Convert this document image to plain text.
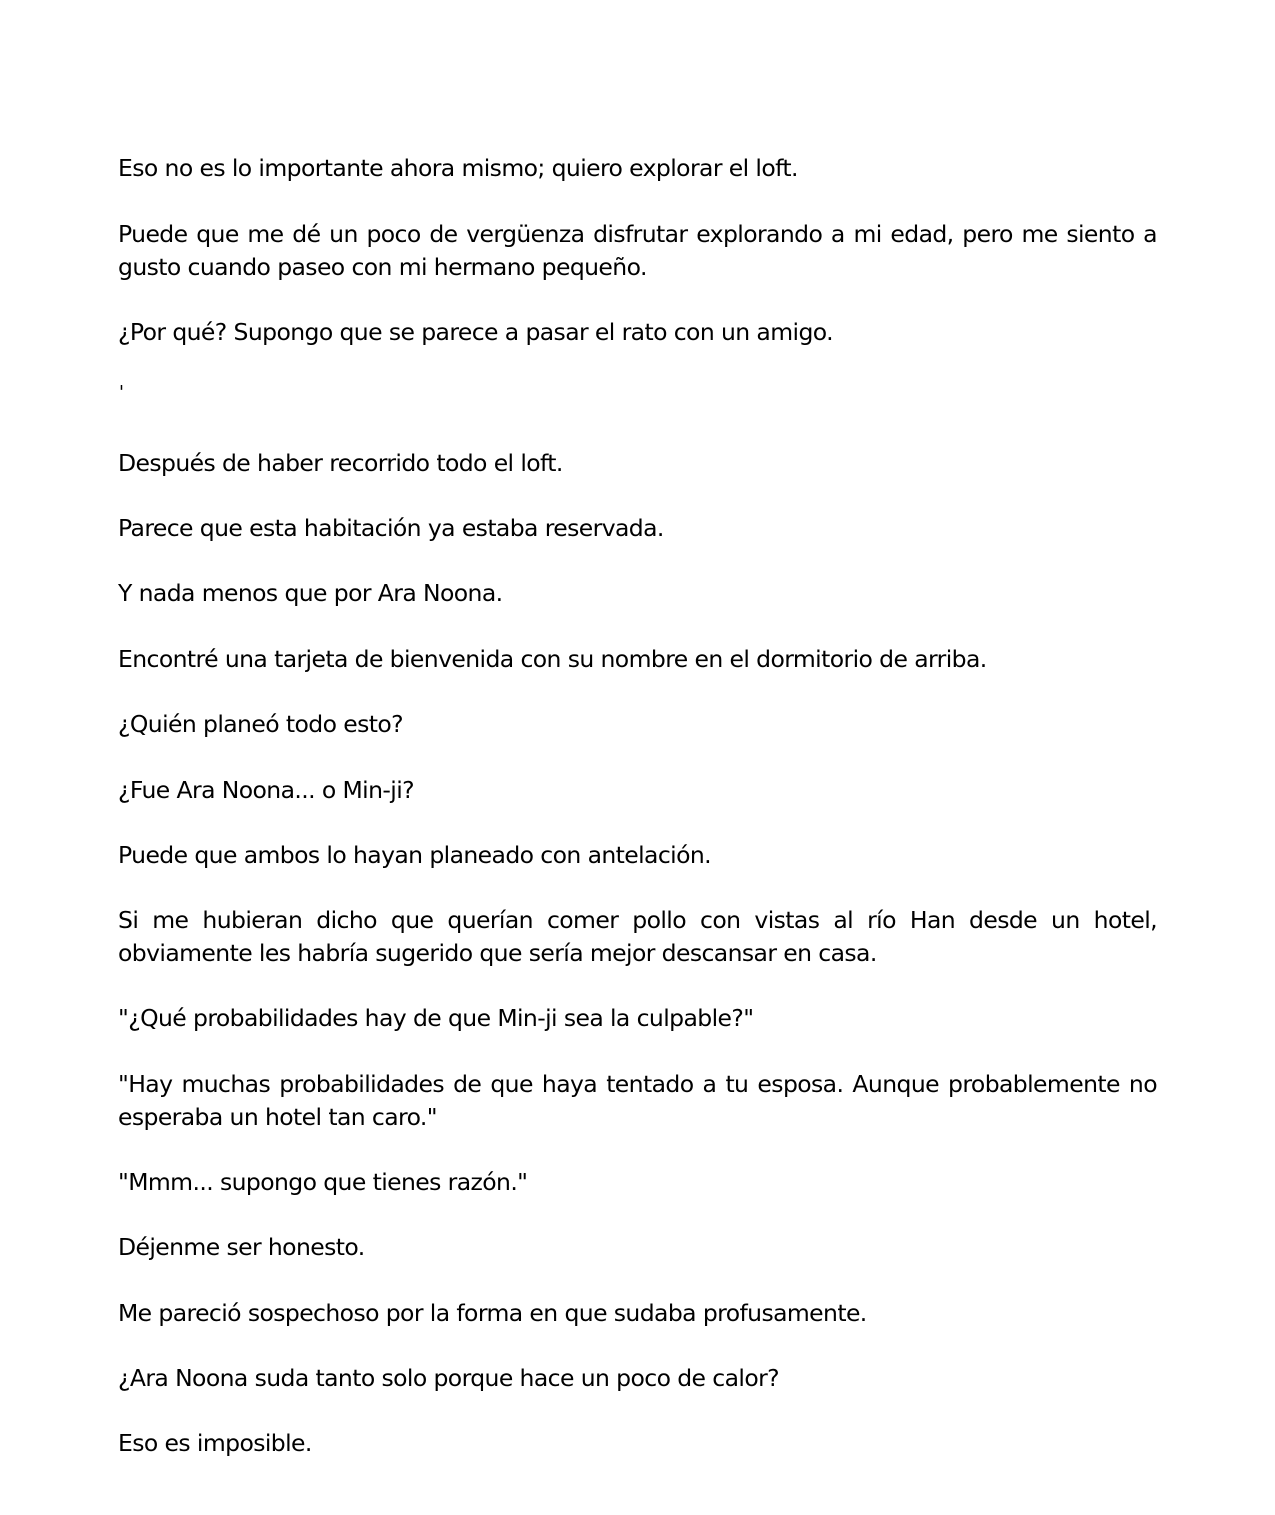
Eso no es lo importante ahora mismo; quiero explorar el loft.

Puede que me dé un poco de vergüenza disfrutar explorando a mi edad, pero me siento a gusto cuando paseo con mi hermano pequeño.

¿Por qué? Supongo que se parece a pasar el rato con un amigo.

'

Después de haber recorrido todo el loft.

Parece que esta habitación ya estaba reservada.

Y nada menos que por Ara Noona.

Encontré una tarjeta de bienvenida con su nombre en el dormitorio de arriba.

¿Quién planeó todo esto?

¿Fue Ara Noona... o Min-ji?

Puede que ambos lo hayan planeado con antelación.

Si me hubieran dicho que querían comer pollo con vistas al río Han desde un hotel, obviamente les habría sugerido que sería mejor descansar en casa.

"¿Qué probabilidades hay de que Min-ji sea la culpable?"

"Hay muchas probabilidades de que haya tentado a tu esposa. Aunque probablemente no esperaba un hotel tan caro."

"Mmm... supongo que tienes razón."

Déjenme ser honesto.

Me pareció sospechoso por la forma en que sudaba profusamente.

¿Ara Noona suda tanto solo porque hace un poco de calor?

Eso es imposible.
